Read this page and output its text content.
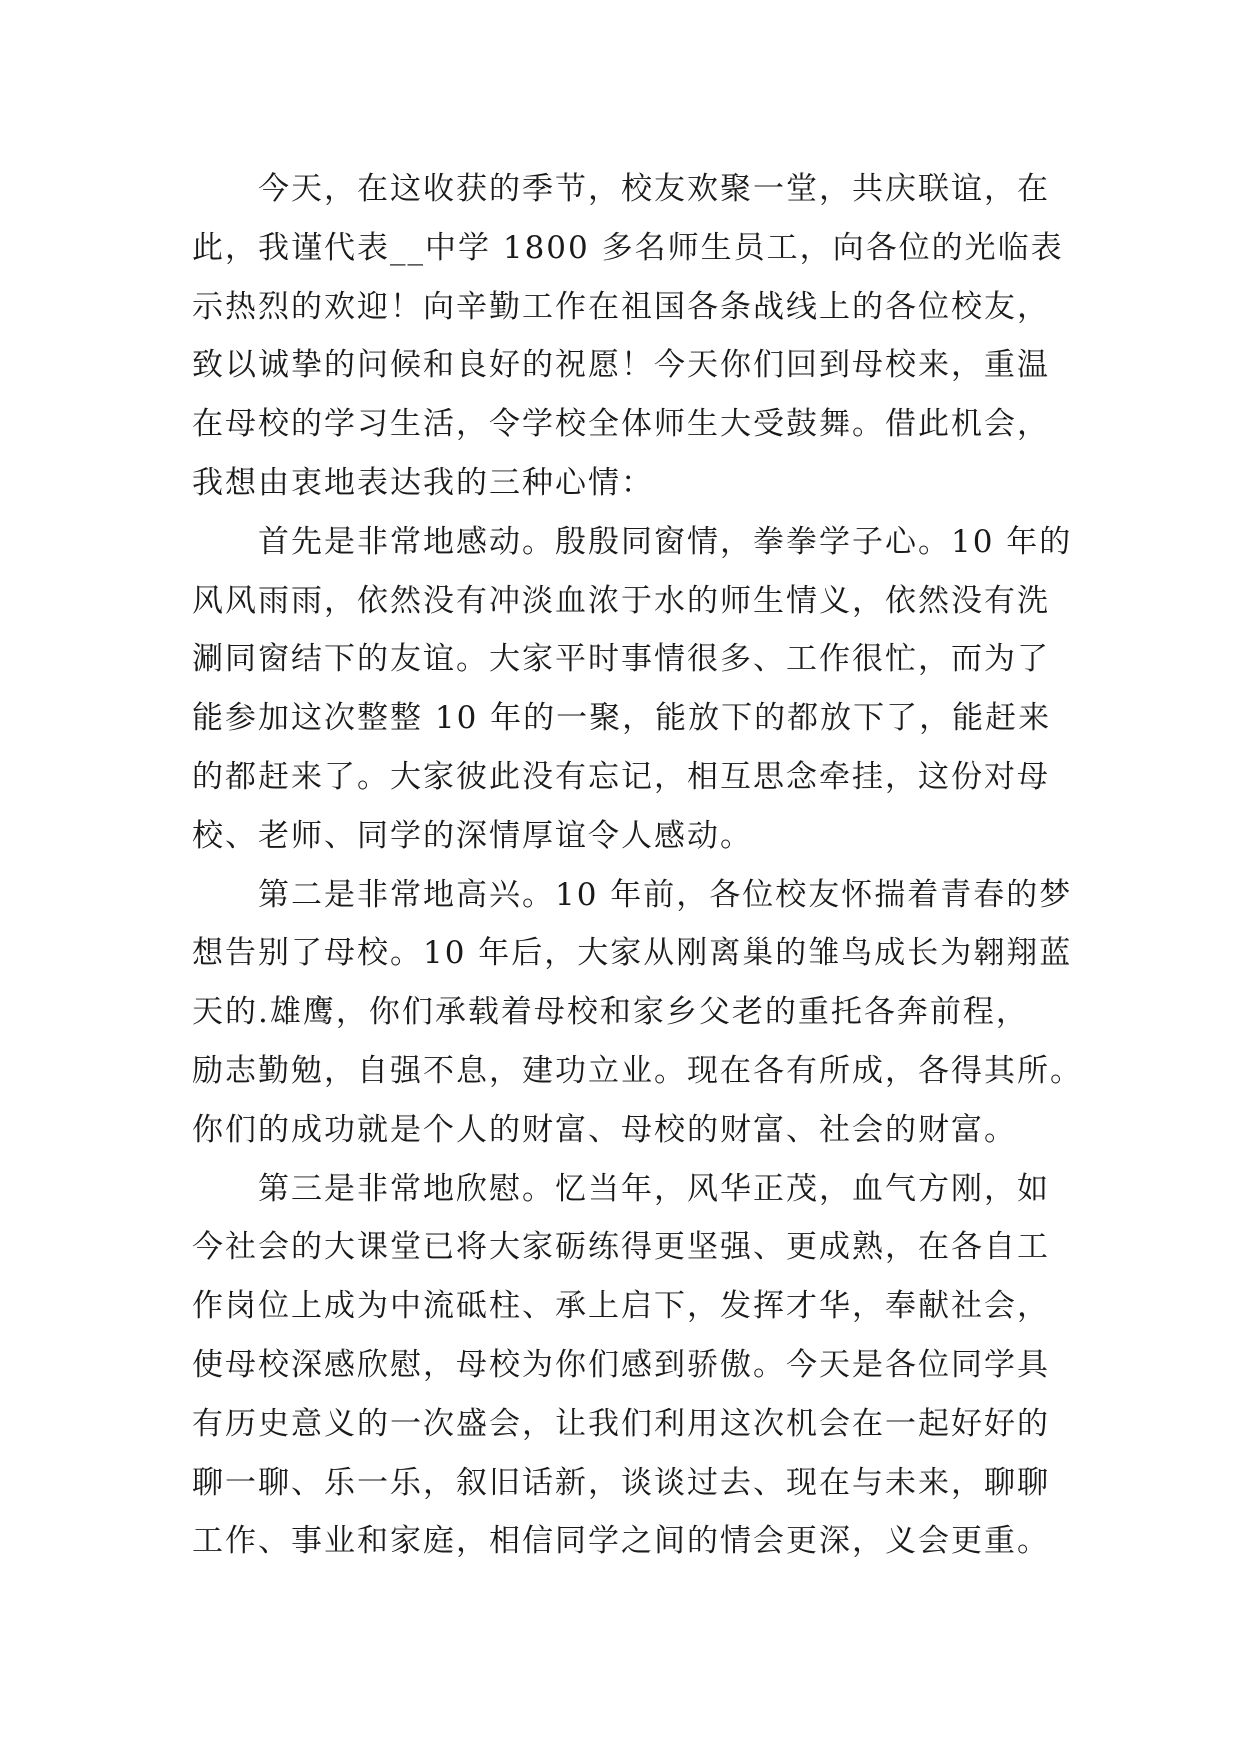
今天，在这收获的季节，校友欢聚一堂，共庆联谊，在
此，我谨代表__中学 1800 多名师生员工，向各位的光临表
示热烈的欢迎！向辛勤工作在祖国各条战线上的各位校友，
致以诚挚的问候和良好的祝愿！今天你们回到母校来，重温
在母校的学习生活，令学校全体师生大受鼓舞。借此机会，
我想由衷地表达我的三种心情：
首先是非常地感动。殷殷同窗情，拳拳学子心。10 年的
风风雨雨，依然没有冲淡血浓于水的师生情义，依然没有洗
涮同窗结下的友谊。大家平时事情很多、工作很忙，而为了
能参加这次整整 10 年的一聚，能放下的都放下了，能赶来
的都赶来了。大家彼此没有忘记，相互思念牵挂，这份对母
校、老师、同学的深情厚谊令人感动。
第二是非常地高兴。10 年前，各位校友怀揣着青春的梦
想告别了母校。10 年后，大家从刚离巢的雏鸟成长为翱翔蓝
天的.雄鹰，你们承载着母校和家乡父老的重托各奔前程，
励志勤勉，自强不息，建功立业。现在各有所成，各得其所。
你们的成功就是个人的财富、母校的财富、社会的财富。
第三是非常地欣慰。忆当年，风华正茂，血气方刚，如
今社会的大课堂已将大家砺练得更坚强、更成熟，在各自工
作岗位上成为中流砥柱、承上启下，发挥才华，奉献社会，
使母校深感欣慰，母校为你们感到骄傲。今天是各位同学具
有历史意义的一次盛会，让我们利用这次机会在一起好好的
聊一聊、乐一乐，叙旧话新，谈谈过去、现在与未来，聊聊
工作、事业和家庭，相信同学之间的情会更深，义会更重。
